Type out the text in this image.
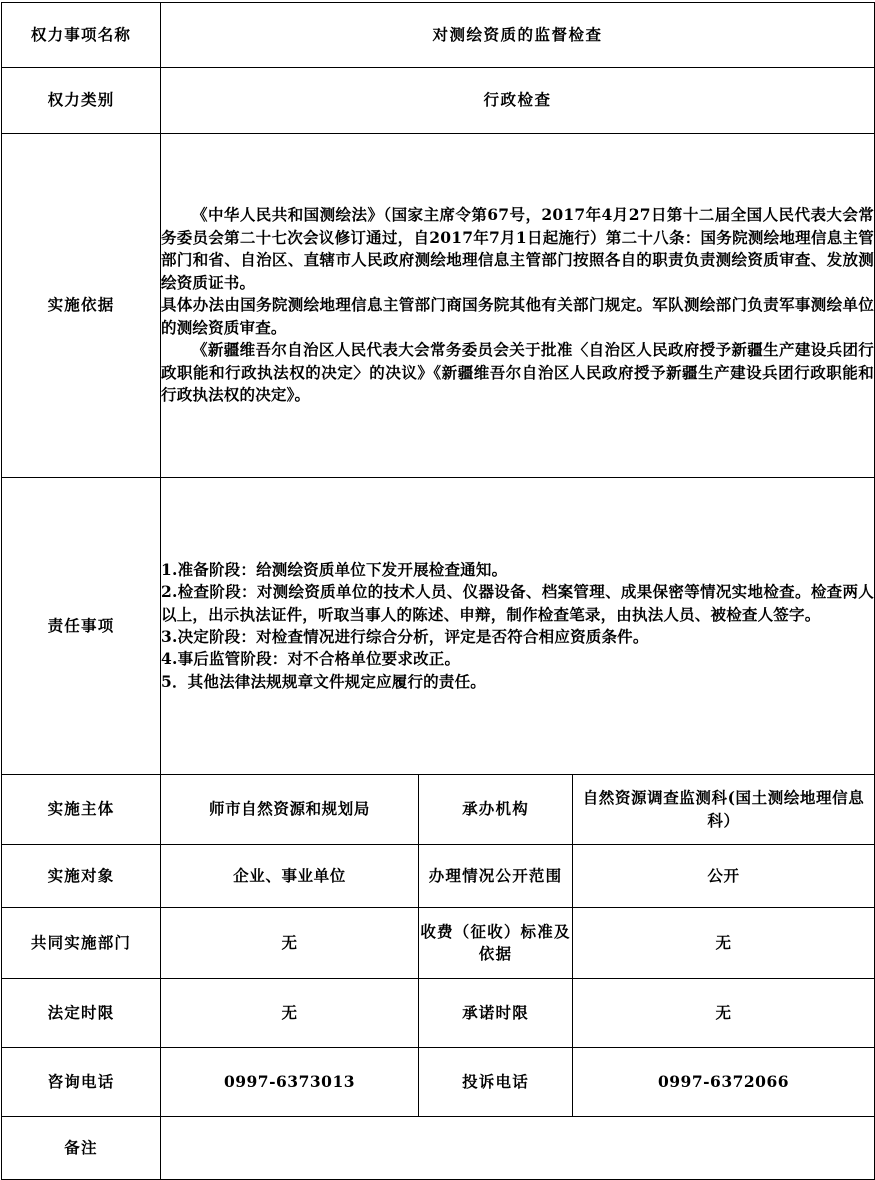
权力事项名称	对测绘资质的监督检查		
权力类别	行政检查		
实施依据	《中华人民共和国测绘法》（国家主席令第67号，2017年4月27日第十二届全国人民代表大会常务委员会第二十七次会议修订通过，自2017年7月1日起施行）第二十八条：国务院测绘地理信息主管部门和省、自治区、直辖市人民政府测绘地理信息主管部门按照各自的职责负责测绘资质审查、发放测绘资质证书。

具体办法由国务院测绘地理信息主管部门商国务院其他有关部门规定。军队测绘部门负责军事测绘单位的测绘资质审查。

《新疆维吾尔自治区人民代表大会常务委员会关于批准〈自治区人民政府授予新疆生产建设兵团行政职能和行政执法权的决定〉的决议》《新疆维吾尔自治区人民政府授予新疆生产建设兵团行政职能和行政执法权的决定》。		

责任事项	1.准备阶段：给测绘资质单位下发开展检查通知。

2.检查阶段：对测绘资质单位的技术人员、仪器设备、档案管理、成果保密等情况实地检查。检查两人以上，出示执法证件，听取当事人的陈述、申辩，制作检查笔录，由执法人员、被检查人签字。

3.决定阶段：对检查情况进行综合分析，评定是否符合相应资质条件。

4.事后监管阶段：对不合格单位要求改正。

5．其他法律法规规章文件规定应履行的责任。		

实施主体	师市自然资源和规划局	承办机构	自然资源调查监测科(国土测绘地理信息科）
实施对象	企业、事业单位	办理情况公开范围	公开
共同实施部门	无	收费（征收）标准及依据	无
法定时限	无	承诺时限	无
咨询电话	0997-6373013	投诉电话	0997-6372066
备注			
